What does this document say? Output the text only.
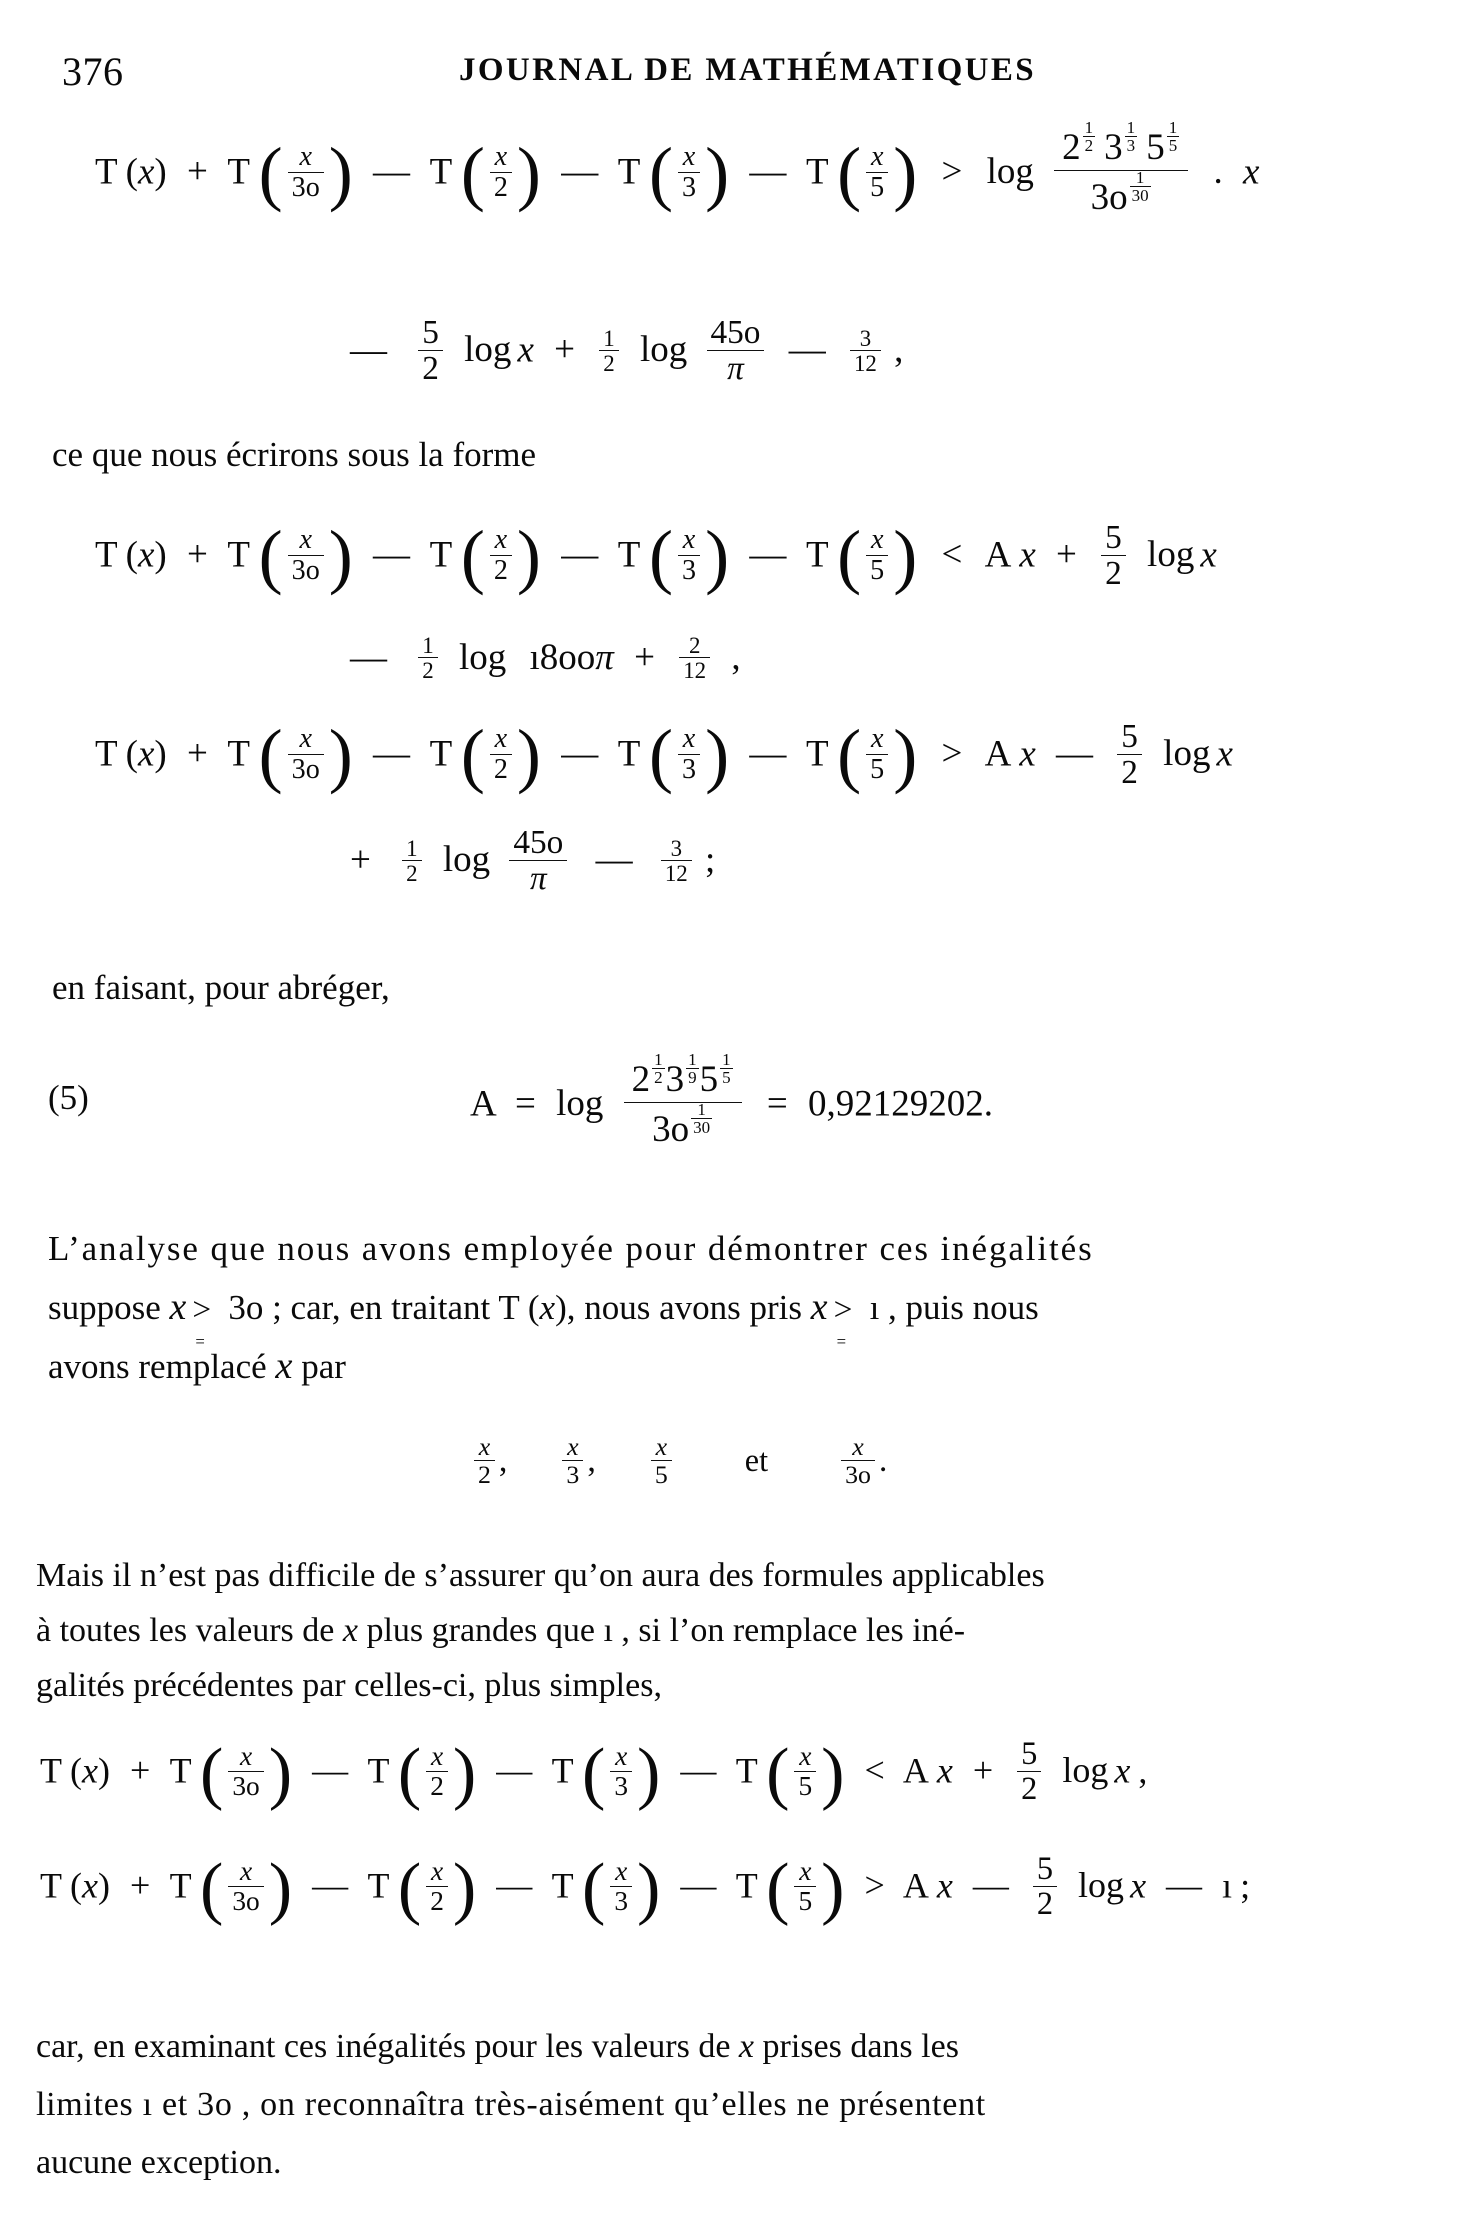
376	JOURNAL DE MATHÉMATIQUES
T (x) + T ( $\frac{x}{3o}$ ) — T ( $\frac{x}{2}$ ) — T ( $\frac{x}{3}$ ) — T ( $\frac{x}{5}$ ) > $\log \frac{2 \frac{1}{2} 3 \frac{1}{3} 5 \frac{1}{5}}{3o \frac{1}{30}}$ . x
— $\frac{5}{2}$ $\log x + \frac{1}{2}$ $\log \frac{45o}{\pi}$ — $\frac{3}{12}$ ,
ce que nous écrirons sous la forme
T (x) + T ( $\frac{x}{3o}$ ) — T ( $\frac{x}{2}$ ) — T ( $\frac{x}{3}$ ) — T ( $\frac{x}{5}$ ) < A $x + \frac{5}{2}$ log x
— $\frac{1}{2}$ log ı8ooπ + $\frac{2}{12}$ ,
T (x) + T ( $\frac{x}{3o}$ ) — T ( $\frac{x}{2}$ ) — T ( $\frac{x}{3}$ ) — T ( $\frac{x}{5}$ ) > A x — $\frac{5}{2}$ log x
+ $\frac{1}{2}$ $\log \frac{45o}{\pi}$ — $\frac{3}{12}$ ;
en faisant, pour abréger,
(5)	$A = \log \frac{2 \frac{1}{2} 3 \frac{1}{9} 5 \frac{1}{5}}{3o \frac{1}{30}} = 0,92129202$.
L’analyse que nous avons employée pour démontrer ces inégalités
suppose x >
=
3o ; car, en traitant T (x), nous avons pris x >
=
ı , puis nous
avons remplacé x par
$\frac{x}{2}$ , $\frac{x}{3}$ , $\frac{x}{5}$ et	$\frac{x}{3o}$ .
Mais il n’est pas difficile de s’assurer qu’on aura des formules applicables
à toutes les valeurs de x plus grandes que ı , si l’on remplace les iné-
galités précédentes par celles-ci, plus simples,
T (x) + T ( $\frac{x}{3o}$ ) — T ( $\frac{x}{2}$ ) — T ( $\frac{x}{3}$ ) — T ( $\frac{x}{5}$ ) < A $x + \frac{5}{2}$ log x ,
T (x) + T ( $\frac{x}{3o}$ ) — T ( $\frac{x}{2}$ ) — T ( $\frac{x}{3}$ ) — T ( $\frac{x}{5}$ ) > A x — $\frac{5}{2}$ log x — ı ;
car, en examinant ces inégalités pour les valeurs de x prises dans les
limites ı et 3o , on reconnaîtra très-aisément qu’elles ne présentent
aucune exception.
